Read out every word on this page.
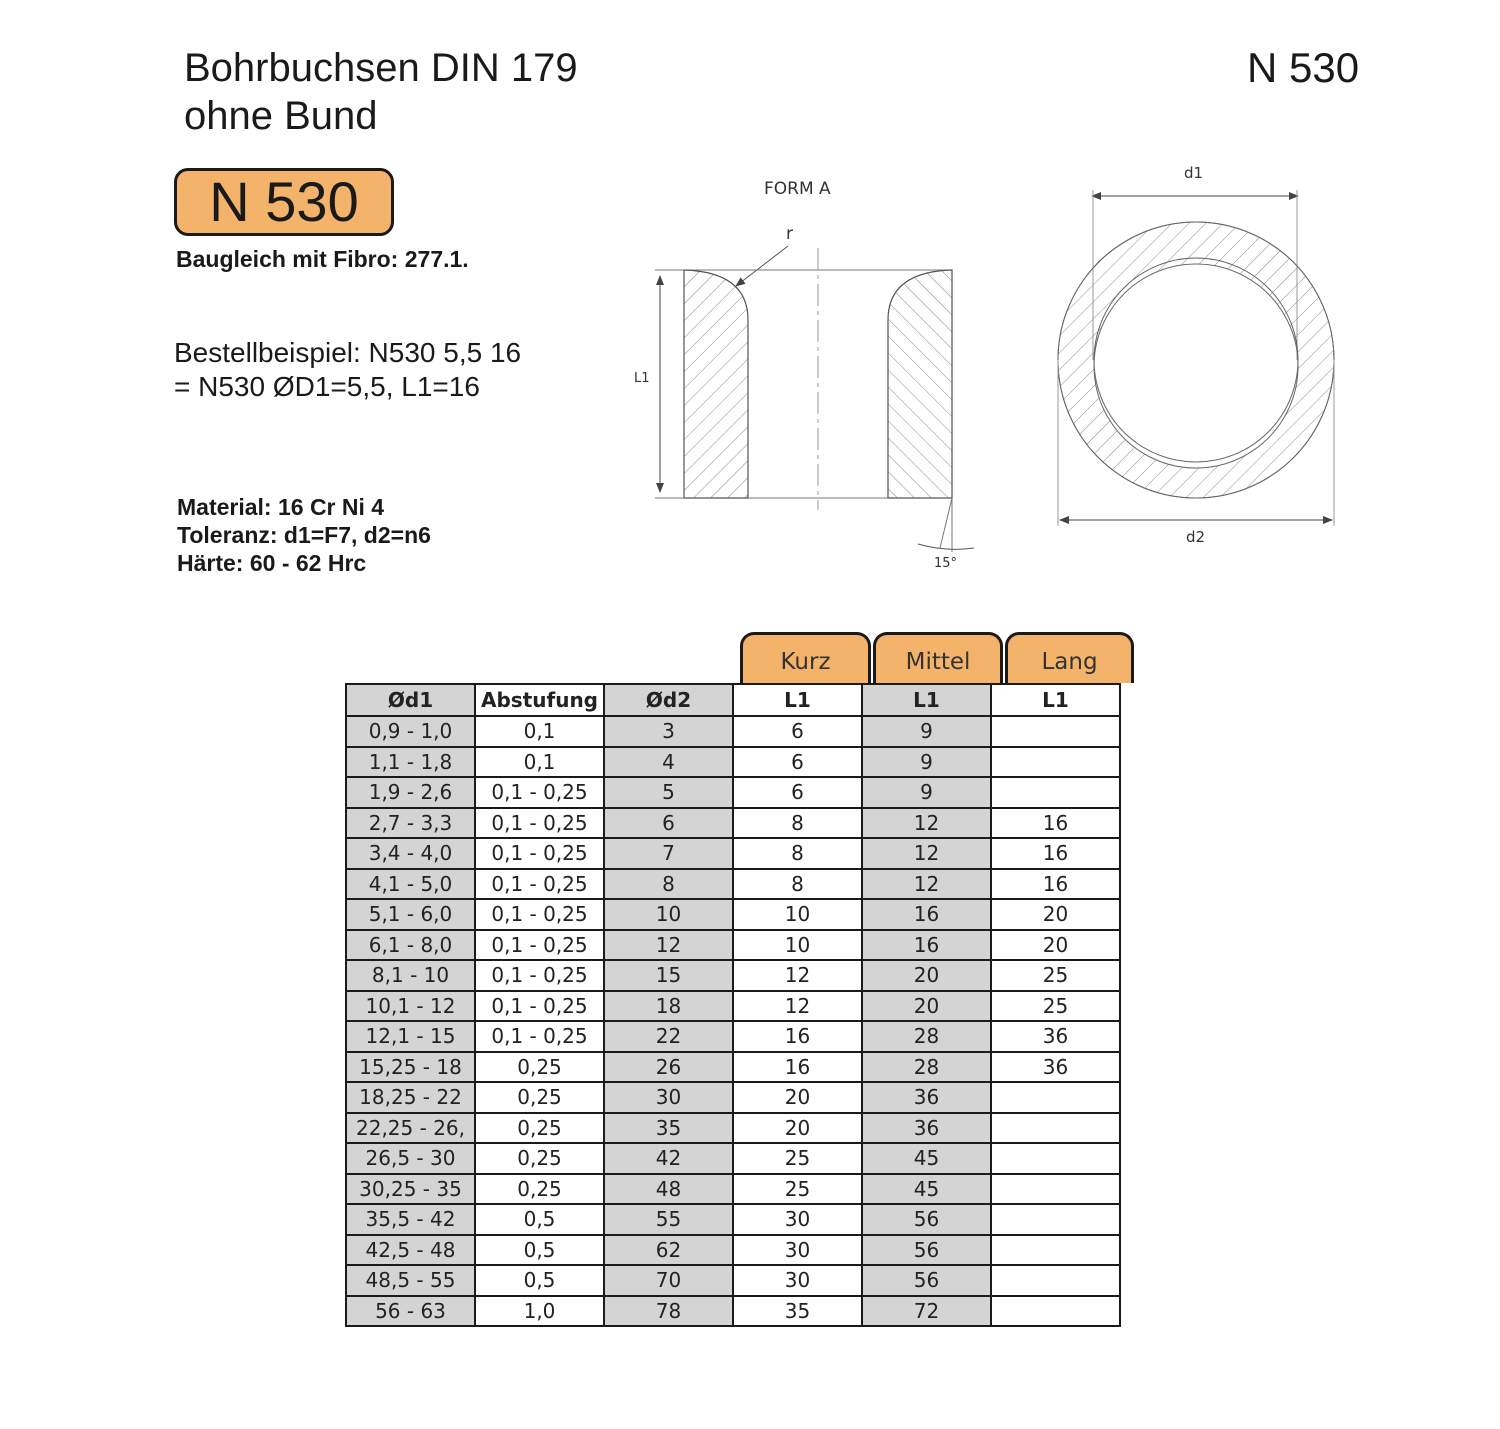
Bohrbuchsen DIN 179
ohne Bund
N 530
N 530
Baugleich mit Fibro: 277.1.
Bestellbeispiel: N530 5,5 16
= N530 ØD1=5,5, L1=16
Material: 16 Cr Ni 4
Toleranz: d1=F7, d2=n6
Härte: 60 - 62 Hrc
FORM A
r
L1
15°
d1
d2
Kurz	Mittel	Lang
Ød1	Abstufung	Ød2	L1	L1	L1
0,9 - 1,0	0,1	3	6	9	
1,1 - 1,8	0,1	4	6	9	
1,9 - 2,6	0,1 - 0,25	5	6	9	
2,7 - 3,3	0,1 - 0,25	6	8	12	16
3,4 - 4,0	0,1 - 0,25	7	8	12	16
4,1 - 5,0	0,1 - 0,25	8	8	12	16
5,1 - 6,0	0,1 - 0,25	10	10	16	20
6,1 - 8,0	0,1 - 0,25	12	10	16	20
8,1 - 10	0,1 - 0,25	15	12	20	25
10,1 - 12	0,1 - 0,25	18	12	20	25
12,1 - 15	0,1 - 0,25	22	16	28	36
15,25 - 18	0,25	26	16	28	36
18,25 - 22	0,25	30	20	36	
22,25 - 26,	0,25	35	20	36	
26,5 - 30	0,25	42	25	45	
30,25 - 35	0,25	48	25	45	
35,5 - 42	0,5	55	30	56	
42,5 - 48	0,5	62	30	56	
48,5 - 55	0,5	70	30	56	
56 - 63	1,0	78	35	72	
